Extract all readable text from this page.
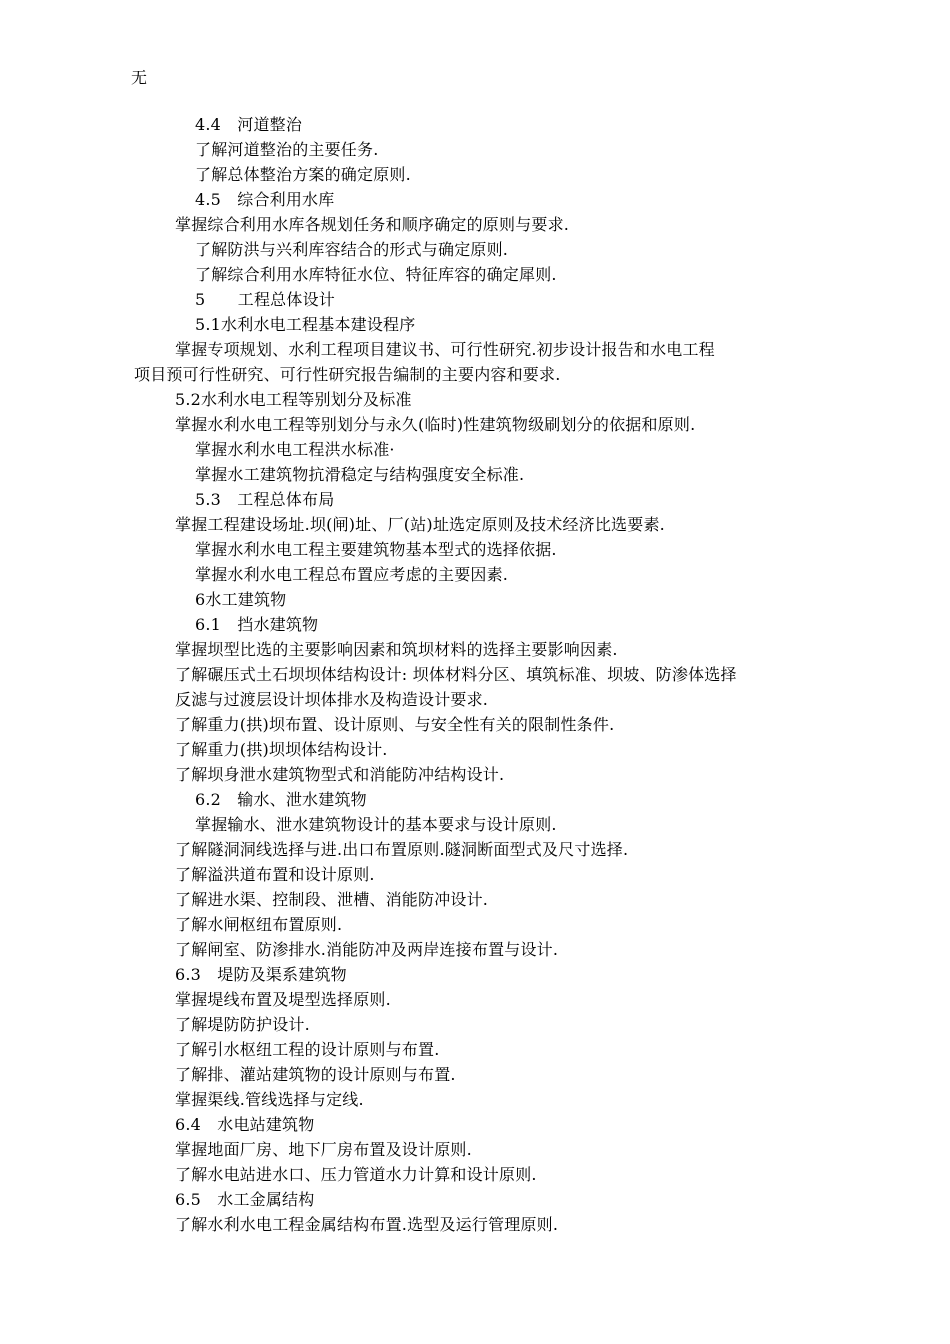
无
4.4　河道整治
了解河道整治的主要任务.
了解总体整治方案的确定原则.
4.5　综合利用水库
掌握综合利用水库各规划任务和顺序确定的原则与要求.
了解防洪与兴利库容结合的形式与确定原则.
了解综合利用水库特征水位、特征库容的确定犀则.
5　　工程总体设计
5.1水利水电工程基本建设程序
掌握专项规划、水利工程项目建议书、可行性研究.初步设计报告和水电工程
项目预可行性研究、可行性研究报告编制的主要内容和要求.
5.2水利水电工程等别划分及标准
掌握水利水电工程等别划分与永久(临时)性建筑物级刷划分的依据和原则.
掌握水利水电工程洪水标准·
掌握水工建筑物抗滑稳定与结构强度安全标准.
5.3　工程总体布局
掌握工程建设场址.坝(闸)址、厂(站)址选定原则及技术经济比选要素.
掌握水利水电工程主要建筑物基本型式的选择依据.
掌握水利水电工程总布置应考虑的主要因素.
6水工建筑物
6.1　挡水建筑物
掌握坝型比选的主要影响因素和筑坝材料的选择主要影响因素.
了解碾压式土石坝坝体结构设计: 坝体材料分区、填筑标准、坝坡、防渗体选择
反滤与过渡层设计坝体排水及构造设计要求.
了解重力(拱)坝布置、设计原则、与安全性有关的限制性条件.
了解重力(拱)坝坝体结构设计.
了解坝身泄水建筑物型式和消能防冲结构设计.
6.2　输水、泄水建筑物
掌握输水、泄水建筑物设计的基本要求与设计原则.
了解隧洞洞线选择与进.出口布置原则.隧洞断面型式及尺寸选择.
了解溢洪道布置和设计原则.
了解进水渠、控制段、泄槽、消能防冲设计.
了解水闸枢纽布置原则.
了解闸室、防渗排水.消能防冲及两岸连接布置与设计.
6.3　堤防及渠系建筑物
掌握堤线布置及堤型选择原则.
了解堤防防护设计.
了解引水枢纽工程的设计原则与布置.
了解排、灌站建筑物的设计原则与布置.
掌握渠线.管线选择与定线.
6.4　水电站建筑物
掌握地面厂房、地下厂房布置及设计原则.
了解水电站进水口、压力管道水力计算和设计原则.
6.5　水工金属结构
了解水利水电工程金属结构布置.选型及运行管理原则.
